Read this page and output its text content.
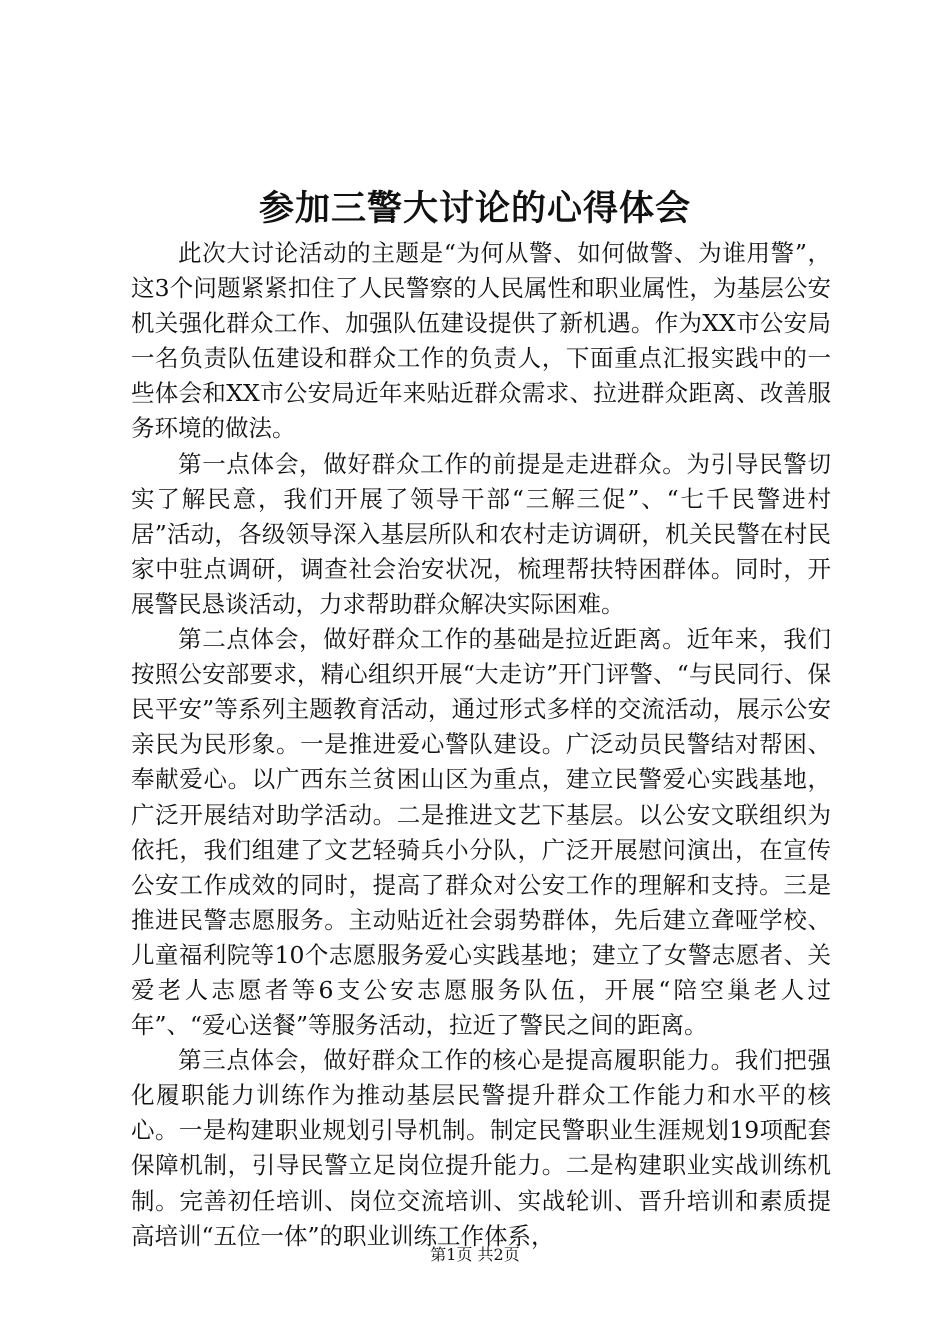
参加三警大讨论的心得体会

此次大讨论活动的主题是“为何从警、如何做警、为谁用警”，这3个问题紧紧扣住了人民警察的人民属性和职业属性，为基层公安机关强化群众工作、加强队伍建设提供了新机遇。作为XX市公安局一名负责队伍建设和群众工作的负责人，下面重点汇报实践中的一些体会和XX市公安局近年来贴近群众需求、拉进群众距离、改善服务环境的做法。

第一点体会，做好群众工作的前提是走进群众。为引导民警切实了解民意，我们开展了领导干部“三解三促”、“七千民警进村居”活动，各级领导深入基层所队和农村走访调研，机关民警在村民家中驻点调研，调查社会治安状况，梳理帮扶特困群体。同时，开展警民恳谈活动，力求帮助群众解决实际困难。

第二点体会，做好群众工作的基础是拉近距离。近年来，我们按照公安部要求，精心组织开展“大走访”开门评警、“与民同行、保民平安”等系列主题教育活动，通过形式多样的交流活动，展示公安亲民为民形象。一是推进爱心警队建设。广泛动员民警结对帮困、奉献爱心。以广西东兰贫困山区为重点，建立民警爱心实践基地，广泛开展结对助学活动。二是推进文艺下基层。以公安文联组织为依托，我们组建了文艺轻骑兵小分队，广泛开展慰问演出，在宣传公安工作成效的同时，提高了群众对公安工作的理解和支持。三是推进民警志愿服务。主动贴近社会弱势群体，先后建立聋哑学校、儿童福利院等10个志愿服务爱心实践基地；建立了女警志愿者、关爱老人志愿者等6支公安志愿服务队伍，开展“陪空巢老人过年”、“爱心送餐”等服务活动，拉近了警民之间的距离。

第三点体会，做好群众工作的核心是提高履职能力。我们把强化履职能力训练作为推动基层民警提升群众工作能力和水平的核心。一是构建职业规划引导机制。制定民警职业生涯规划19项配套保障机制，引导民警立足岗位提升能力。二是构建职业实战训练机制。完善初任培训、岗位交流培训、实战轮训、晋升培训和素质提高培训“五位一体”的职业训练工作体系，

第1页 共2页
